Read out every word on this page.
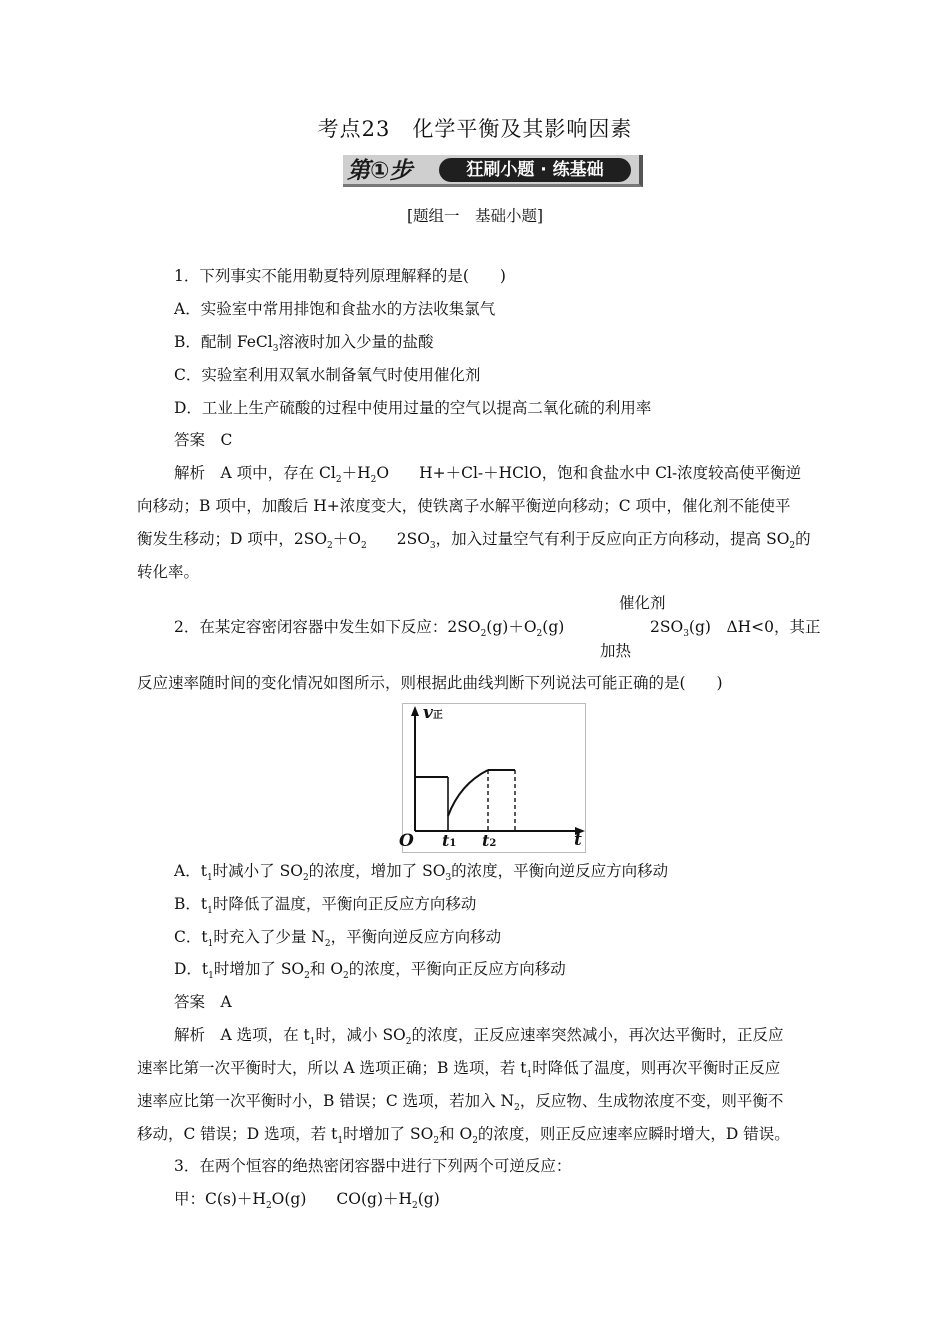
考点23　化学平衡及其影响因素
第①步	狂刷小题 · 练基础
[题组一　基础小题]
1．下列事实不能用勒夏特列原理解释的是(　　)
A．实验室中常用排饱和食盐水的方法收集氯气
B．配制 FeCl$_3$溶液时加入少量的盐酸
C．实验室利用双氧水制备氧气时使用催化剂
D．工业上生产硫酸的过程中使用过量的空气以提高二氧化硫的利用率
答案　C
解析　A 项中，存在 $Cl_2+H_2O$ H+＋Cl-＋HClO，饱和食盐水中 Cl-浓度较高使平衡逆
向移动；B 项中，加酸后 H+浓度变大，使铁离子水解平衡逆向移动；C 项中，催化剂不能使平
衡发生移动；D 项中，$2SO_2+O_2$ $2SO_3$，加入过量空气有利于反应向正方向移动，提高 $SO_2$的
转化率。
催化剂
2．在某定容密闭容器中发生如下反应：$2SO_2(g)+O_2(g)$	$2SO_3(g)$　ΔH<0，其正
加热
反应速率随时间的变化情况如图所示，则根据此曲线判断下列说法可能正确的是(　　)
v正
O t1 t2	t
A．$t_1$时减小了 $SO_2$的浓度，增加了 $SO_3$的浓度，平衡向逆反应方向移动
B．$t_1$时降低了温度，平衡向正反应方向移动
C．$t_1$时充入了少量 $N_2$，平衡向逆反应方向移动
D．$t_1$时增加了 $SO_2$和 $O_2$的浓度，平衡向正反应方向移动
答案　A
解析　A 选项，在 $t_1$时，减小 $SO_2$的浓度，正反应速率突然减小，再次达平衡时，正反应
速率比第一次平衡时大，所以 A 选项正确；B 选项，若 $t_1$时降低了温度，则再次平衡时正反应
速率应比第一次平衡时小，B 错误；C 选项，若加入 $N_2$，反应物、生成物浓度不变，则平衡不
移动，C 错误；D 选项，若 $t_1$时增加了 $SO_2$和 $O_2$的浓度，则正反应速率应瞬时增大，D 错误。
3．在两个恒容的绝热密闭容器中进行下列两个可逆反应：
甲：$C(s)+H_2O(g)$ $CO(g)+H_2(g)$
